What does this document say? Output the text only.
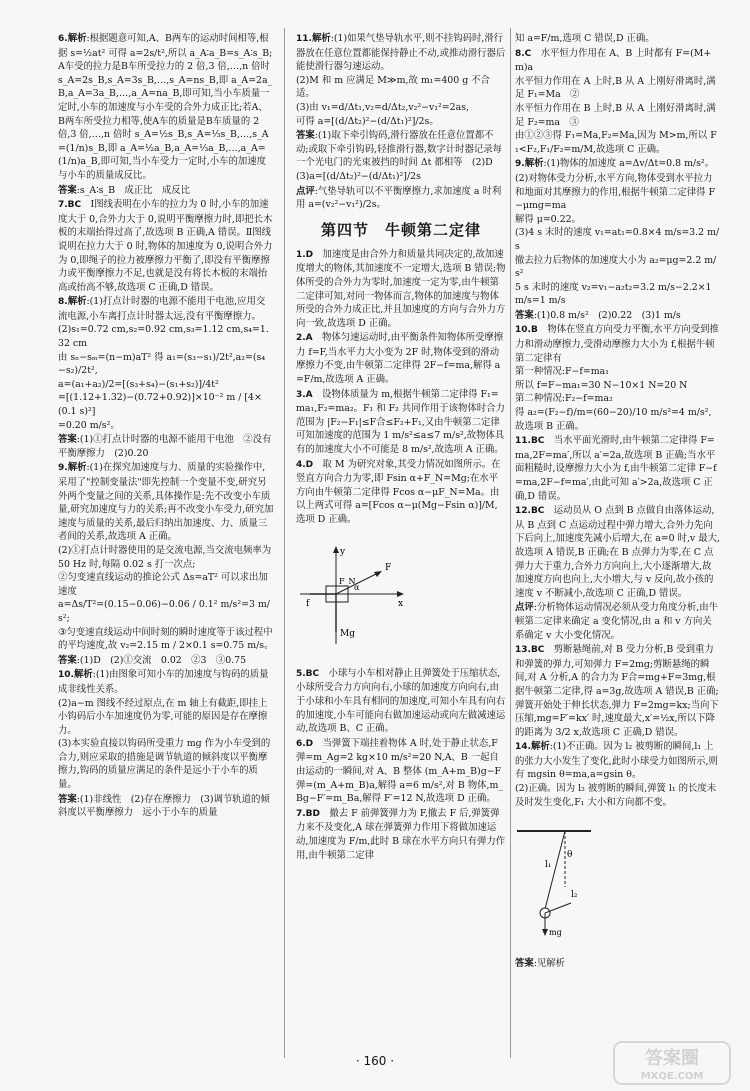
6.解析:根据题意可知,A、B两车的运动时间相等,根据 s=½at² 可得 a=2s/t²,所以 a_A∶a_B=s_A∶s_B;A车受的拉力是B车所受拉力的 2 倍,3 倍,…,n 倍时 s_A=2s_B,s_A=3s_B,…,s_A=ns_B,即 a_A=2a_B,a_A=3a_B,…,a_A=na_B,即可知,当小车质量一定时,小车的加速度与小车受的合外力成正比;若A、B两车所受拉力相等,使A车的质量是B车质量的 2 倍,3 倍,…,n 倍时 s_A=½s_B,s_A=⅓s_B,…,s_A=(1/n)s_B,即 a_A=½a_B,a_A=⅓a_B,…,a_A=(1/n)a_B,即可知,当小车受力一定时,小车的加速度与小车的质量成反比。
答案:s_A∶s_B　成正比　成反比
7.BC　Ⅰ图线表明在小车的拉力为 0 时,小车的加速度大于 0,合外力大于 0,说明平衡摩擦力时,即把长木板的末端抬得过高了,故选项 B 正确,A 错误。Ⅱ图线说明在拉力大于 0 时,物体的加速度为 0,说明合外力为 0,即绳子的拉力被摩擦力平衡了,即没有平衡摩擦力或平衡摩擦力不足,也就是没有将长木板的末端抬高或抬高不够,故选项 C 正确,D 错误。
8.解析:(1)打点计时器的电源不能用干电池,应用交流电源,小车离打点计时器太远,没有平衡摩擦力。
(2)s₁=0.72 cm,s₂=0.92 cm,s₃=1.12 cm,s₄=1.32 cm
由 sₙ−sₘ=(n−m)aT² 得 a₁=(s₃−s₁)/2t²,a₂=(s₄−s₂)/2t²,
a=(a₁+a₂)/2=[(s₃+s₄)−(s₁+s₂)]/4t²
=[(1.12+1.32)−(0.72+0.92)]×10⁻² m / [4×(0.1 s)²]
=0.20 m/s²。
答案:(1)①打点计时器的电源不能用干电池　②没有平衡摩擦力　(2)0.20
9.解析:(1)在探究加速度与力、质量的实验操作中,采用了"控制变量法"即先控制一个变量不变,研究另外两个变量之间的关系,具体操作是:先不改变小车质量,研究加速度与力的关系;再不改变小车受力,研究加速度与质量的关系,最后归纳出加速度、力、质量三者间的关系,故选项 A 正确。
(2)①打点计时器使用的是交流电源,当交流电频率为 50 Hz 时,每隔 0.02 s 打一次点;
②匀变速直线运动的推论公式 Δs=aT² 可以求出加速度
a=Δs/T²=(0.15−0.06)−0.06 / 0.1² m/s²=3 m/s²;
③匀变速直线运动中间时刻的瞬时速度等于该过程中的平均速度,故 v₂=2.15 m / 2×0.1 s=0.75 m/s。
答案:(1)D　(2)①交流　0.02　②3　③0.75
10.解析:(1)由图象可知小车的加速度与钩码的质量成非线性关系。
(2)a−m 图线不经过原点,在 m 轴上有截距,即挂上小钩码后小车加速度仍为零,可能的原因是存在摩擦力。
(3)本实验直接以钩码所受重力 mg 作为小车受到的合力,则应采取的措施是调节轨道的倾斜度以平衡摩擦力,钩码的质量应满足的条件是远小于小车的质量。
答案:(1)非线性　(2)存在摩擦力　(3)调节轨道的倾斜度以平衡摩擦力　远小于小车的质量
11.解析:(1)如果气垫导轨水平,则不挂钩码时,滑行器放在任意位置都能保持静止不动,或推动滑行器后能使滑行器匀速运动。
(2)M 和 m 应满足 M≫m,故 m₁=400 g 不合适。
(3)由 v₁=d/Δt₁,v₂=d/Δt₂,v₂²−v₁²=2as,
可得 a=[(d/Δt₂)²−(d/Δt₁)²]/2s。
答案:(1)取下牵引钩码,滑行器放在任意位置都不动;或取下牵引钩码,轻推滑行器,数字计时器记录每一个光电门的光束被挡的时间 Δt 都相等　(2)D
(3)a=[(d/Δt₂)²−(d/Δt₁)²]/2s
点评:气垫导轨可以不平衡摩擦力,求加速度 a 时利用 a=(v₂²−v₁²)/2s。
第四节　牛顿第二定律
1.D　加速度是由合外力和质量共同决定的,故加速度增大的物体,其加速度不一定增大,选项 B 错误;物体所受的合外力为零时,加速度一定为零,由牛顿第二定律可知,对同一物体而言,物体的加速度与物体所受的合外力成正比,并且加速度的方向与合外力方向一致,故选项 D 正确。
2.A　物体匀速运动时,由平衡条件知物体所受摩擦力 f=F,当水平力大小变为 2F 时,物体受到的滑动摩擦力不变,由牛顿第二定律得 2F−f=ma,解得 a=F/m,故选项 A 正确。
3.A　设物体质量为 m,根据牛顿第二定律得 F₁=ma₁,F₂=ma₂。F₁ 和 F₂ 共同作用于该物体时合力范围为 |F₂−F₁|≤F合≤F₂+F₁,又由牛顿第二定律可知加速度的范围为 1 m/s²≤a≤7 m/s²,故物体具有的加速度大小不可能是 8 m/s²,故选项 A 正确。
4.D　取 M 为研究对象,其受力情况如图所示。在竖直方向合力为零,即 Fsin α+F_N=Mg;在水平方向由牛顿第二定律得 Fcos α−μF_N=Ma。由以上两式可得 a=[Fcos α−μ(Mg−Fsin α)]/M,选项 D 正确。

F
α
f	x
y
F_N
Mg

5.BC　小球与小车相对静止且弹簧处于压缩状态,小球所受合力方向向右,小球的加速度方向向右,由于小球和小车具有相同的加速度,可知小车具有向右的加速度,小车可能向右做加速运动或向左做减速运动,故选项 B、C 正确。
6.D　当弹簧下端挂着物体 A 时,处于静止状态,F弹=m_Ag=2 kg×10 m/s²=20 N,A、B 一起自由运动的一瞬间,对 A、B 整体 (m_A+m_B)g−F弹=(m_A+m_B)a,解得 a=6 m/s²,对 B 物体,m_Bg−F′=m_Ba,解得 F′=12 N,故选项 D 正确。
7.BD　撤去 F 前弹簧弹力为 F,撤去 F 后,弹簧弹力来不及变化,A 球在弹簧弹力作用下将做加速运动,加速度为 F/m,此时 B 球在水平方向只有弹力作用,由牛顿第二定律
知 a=F/m,选项 C 错误,D 正确。
8.C　水平恒力作用在 A、B 上时都有 F=(M+m)a
水平恒力作用在 A 上时,B 从 A 上刚好滑离时,满足 F₁=Ma　②
水平恒力作用在 B 上时,B 从 A 上刚好滑离时,满足 F₂=ma　③
由①②③得 F₁=Ma,F₂=Ma,因为 M>m,所以 F₁<F₂,F₁/F₂=m/M,故选项 C 正确。
9.解析:(1)物体的加速度 a=Δv/Δt=0.8 m/s²。
(2)对物体受力分析,水平方向,物体受到水平拉力和地面对其摩擦力的作用,根据牛顿第二定律得 F−μmg=ma
解得 μ=0.22。
(3)4 s 末时的速度 v₁=at₁=0.8×4 m/s=3.2 m/s
撤去拉力后物体的加速度大小为 a₂=μg=2.2 m/s²
5 s 末时的速度 v₂=v₁−a₂t₂=3.2 m/s−2.2×1 m/s=1 m/s
答案:(1)0.8 m/s²　(2)0.22　(3)1 m/s
10.B　物体在竖直方向受力平衡,水平方向受到推力和滑动摩擦力,受滑动摩擦力大小为 f,根据牛顿第二定律有
第一种情况:F−f=ma₁
所以 f=F−ma₁=30 N−10×1 N=20 N
第二种情况:F₂−f=ma₂
得 a₂=(F₂−f)/m=(60−20)/10 m/s²=4 m/s²,故选项 B 正确。
11.BC　当水平面光滑时,由牛顿第二定律得 F=ma,2F=ma′,所以 a′=2a,故选项 B 正确;当水平面粗糙时,设摩擦力大小为 f,由牛顿第二定律 F−f=ma,2F−f=ma′,由此可知 a′>2a,故选项 C 正确,D 错误。
12.BC　运动员从 O 点到 B 点做自由落体运动,从 B 点到 C 点运动过程中弹力增大,合外力先向下后向上,加速度先减小后增大,在 a=0 时,v 最大,故选项 A 错误,B 正确;在 B 点弹力为零,在 C 点弹力大于重力,合外力方向向上,大小逐渐增大,故加速度方向也向上,大小增大,与 v 反向,故小孩的速度 v 不断减小,故选项 C 正确,D 错误。
点评:分析物体运动情况必须从受力角度分析,由牛顿第二定律来确定 a 变化情况,由 a 和 v 方向关系确定 v 大小变化情况。
13.BC　剪断悬绳前,对 B 受力分析,B 受到重力和弹簧的弹力,可知弹力 F=2mg;剪断悬绳的瞬间,对 A 分析,A 的合力为 F合=mg+F=3mg,根据牛顿第二定律,得 a=3g,故选项 A 错误,B 正确;弹簧开始处于伸长状态,弹力 F=2mg=kx;当向下压缩,mg=F′=kx′ 时,速度最大,x′=½x,所以下降的距离为 3/2 x,故选项 C 正确,D 错误。
14.解析:(1)不正确。因为 l₂ 被剪断的瞬间,l₁ 上的张力大小发生了变化,此时小球受力如图所示,则有 mgsin θ=ma,a=gsin θ。
(2)正确。因为 l₂ 被剪断的瞬间,弹簧 l₁ 的长度未及时发生变化,F₁ 大小和方向都不变。

l₁
l₂
θ
mg

答案:见解析
· 160 ·	答案圈
MXQE.COM
